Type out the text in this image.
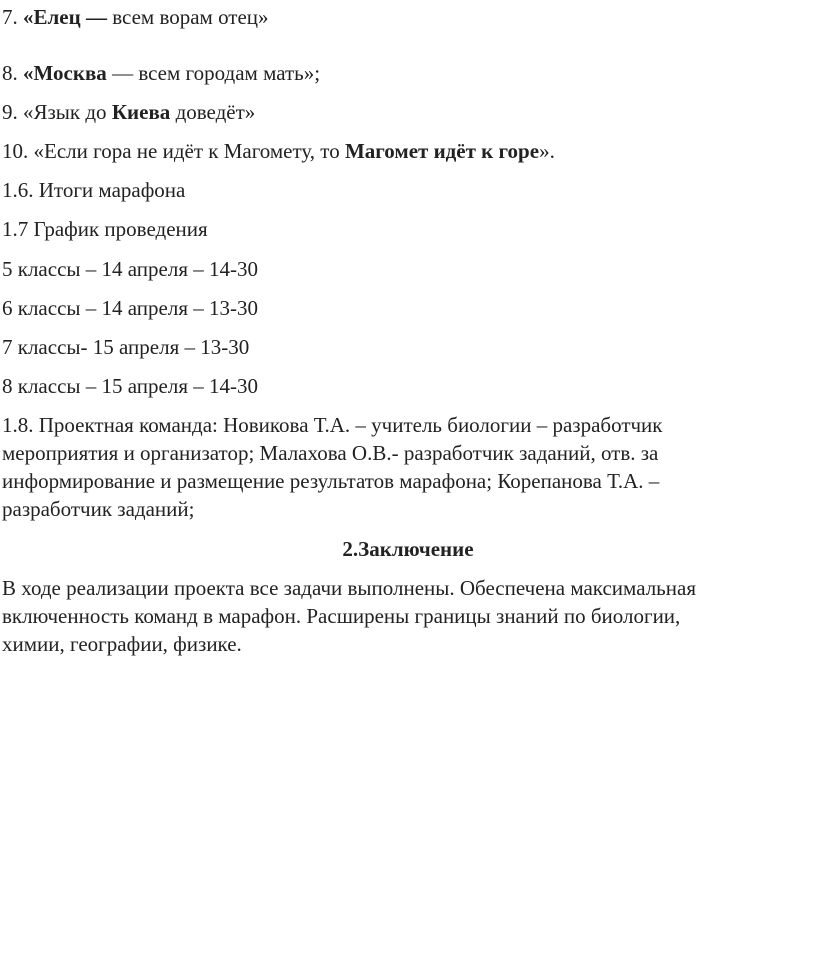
7. «Елец — всем ворам отец»
8. «Москва — всем городам мать»;
9. «Язык до Киева доведёт»
10. «Если гора не идёт к Магомету, то Магомет идёт к горе».
1.6. Итоги марафона
1.7 График проведения
5 классы – 14 апреля – 14-30
6 классы – 14 апреля – 13-30
7 классы- 15 апреля – 13-30
8 классы – 15 апреля – 14-30
1.8. Проектная команда: Новикова Т.А. – учитель биологии – разработчик
мероприятия и организатор; Малахова О.В.- разработчик заданий, отв. за
информирование и размещение результатов марафона; Корепанова Т.А. –
разработчик заданий;
2.Заключение
В ходе реализации проекта все задачи выполнены. Обеспечена максимальная
включенность команд в марафон. Расширены границы знаний по биологии,
химии, географии, физике.
